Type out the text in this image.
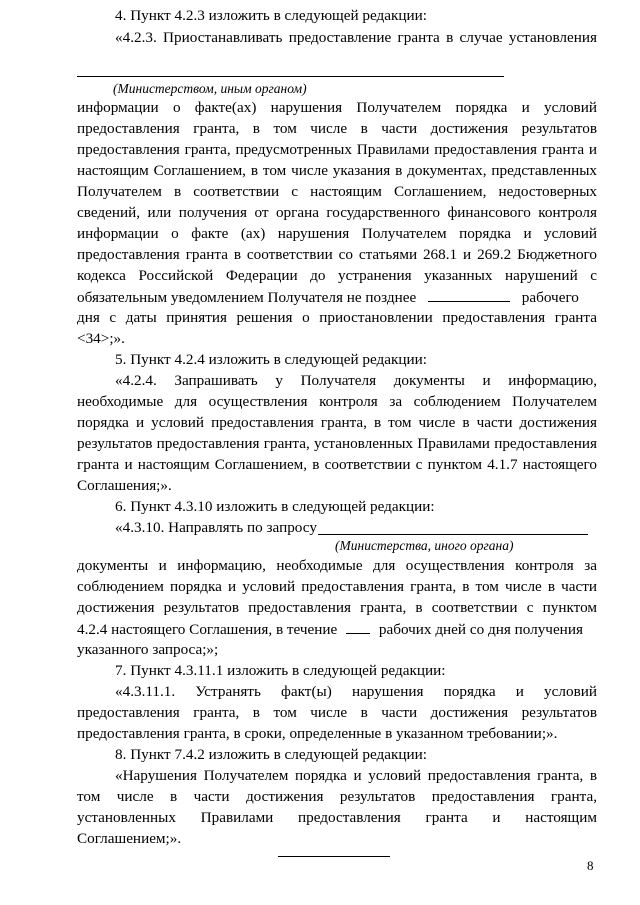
4. Пункт 4.2.3 изложить в следующей редакции:
«4.2.3. Приостанавливать предоставление гранта в случае установления
(Министерством, иным органом)
информации о факте(ах) нарушения Получателем порядка и условий
предоставления гранта, в том числе в части достижения результатов
предоставления гранта, предусмотренных Правилами предоставления гранта и
настоящим Соглашением, в том числе указания в документах, представленных
Получателем в соответствии с настоящим Соглашением, недостоверных
сведений, или получения от органа государственного финансового контроля
информации о факте (ах) нарушения Получателем порядка и условий
предоставления гранта в соответствии со статьями 268.1 и 269.2 Бюджетного
кодекса Российской Федерации до устранения указанных нарушений с
обязательным уведомлением Получателя не позднее	рабочего
дня с даты принятия решения о приостановлении предоставления гранта
<34>;».
5. Пункт 4.2.4 изложить в следующей редакции:
«4.2.4. Запрашивать у Получателя документы и информацию,
необходимые для осуществления контроля за соблюдением Получателем
порядка и условий предоставления гранта, в том числе в части достижения
результатов предоставления гранта, установленных Правилами предоставления
гранта и настоящим Соглашением, в соответствии с пунктом 4.1.7 настоящего
Соглашения;».
6. Пункт 4.3.10 изложить в следующей редакции:
«4.3.10. Направлять по запросу
(Министерства, иного органа)
документы и информацию, необходимые для осуществления контроля за
соблюдением порядка и условий предоставления гранта, в том числе в части
достижения результатов предоставления гранта, в соответствии с пунктом
4.2.4 настоящего Соглашения, в течение	рабочих дней со дня получения
указанного запроса;»;
7. Пункт 4.3.11.1 изложить в следующей редакции:
«4.3.11.1. Устранять факт(ы) нарушения порядка и условий
предоставления гранта, в том числе в части достижения результатов
предоставления гранта, в сроки, определенные в указанном требовании;».
8. Пункт 7.4.2 изложить в следующей редакции:
«Нарушения Получателем порядка и условий предоставления гранта, в
том числе в части достижения результатов предоставления гранта,
установленных Правилами предоставления гранта и настоящим
Соглашением;».
8
